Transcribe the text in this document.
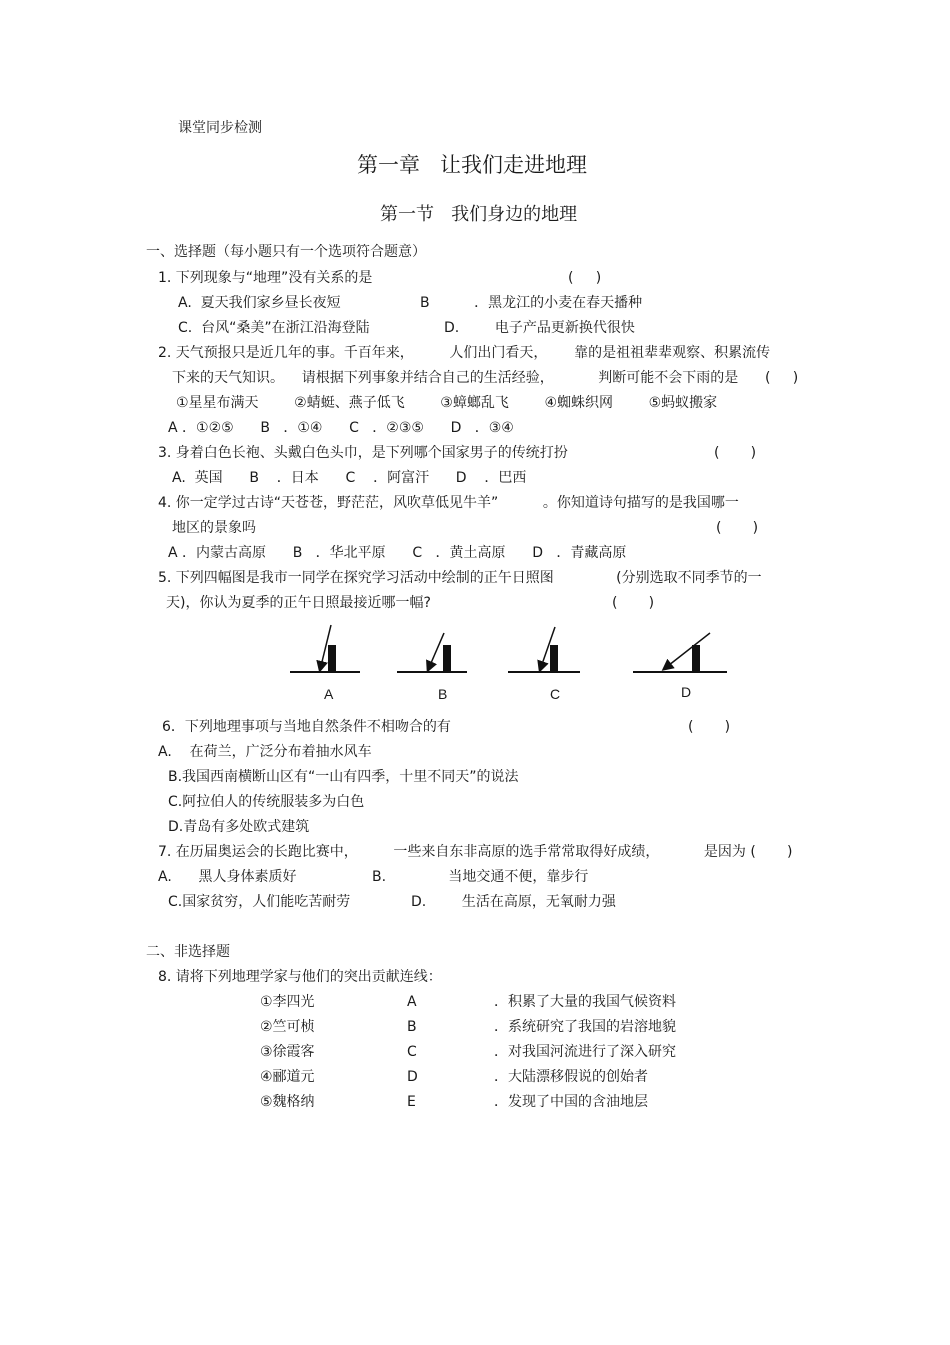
课堂同步检测
第一章   让我们走进地理
第一节   我们身边的地理
一、选择题（每小题只有一个选项符合题意）
1. 下列现象与“地理”没有关系的是	(     )
A.  夏天我们家乡昼长夜短	B          ．黑龙江的小麦在春天播种
C.  台风“桑美”在浙江沿海登陆	D.        电子产品更新换代很快
2. 天气预报只是近几年的事。千百年来，        人们出门看天，      靠的是祖祖辈辈观察、积累流传
下来的天气知识。    请根据下列事象并结合自己的生活经验，          判断可能不会下雨的是      (     )
①星星布满天        ②蜻蜓、燕子低飞        ③蟑螂乱飞        ④蜘蛛织网        ⑤蚂蚁搬家
A ．①②⑤      B   ．①④      C   ．②③⑤      D   ．③④
3. 身着白色长袍、头戴白色头巾，是下列哪个国家男子的传统打扮	(       )
A.  英国      B    ．日本      C    ．阿富汗      D    ．巴西
4. 你一定学过古诗“天苍苍，野茫茫，风吹草低见牛羊”          。你知道诗句描写的是我国哪一
地区的景象吗	(       )
A ．内蒙古高原      B   ．华北平原      C   ．黄土高原      D   ．青藏高原
5. 下列四幅图是我市一同学在探究学习活动中绘制的正午日照图              (分别选取不同季节的一
天)，你认为夏季的正午日照最接近哪一幅?	(       )
A	B	C	D
6．下列地理事项与当地自然条件不相吻合的有	(       )
A.    在荷兰，广泛分布着抽水风车
B.我国西南横断山区有“一山有四季，十里不同天”的说法
C.阿拉伯人的传统服装多为白色
D.青岛有多处欧式建筑
7. 在历届奥运会的长跑比赛中，        一些来自东非高原的选手常常取得好成绩，          是因为 (       )
A.      黑人身体素质好	B.              当地交通不便，靠步行
C.国家贫穷，人们能吃苦耐劳	D.        生活在高原，无氧耐力强
二、非选择题
8. 请将下列地理学家与他们的突出贡献连线：
①李四光	A	．积累了大量的我国气候资料
②竺可桢	B	．系统研究了我国的岩溶地貌
③徐霞客	C	．对我国河流进行了深入研究
④郦道元	D	．大陆漂移假说的创始者
⑤魏格纳	E	．发现了中国的含油地层
